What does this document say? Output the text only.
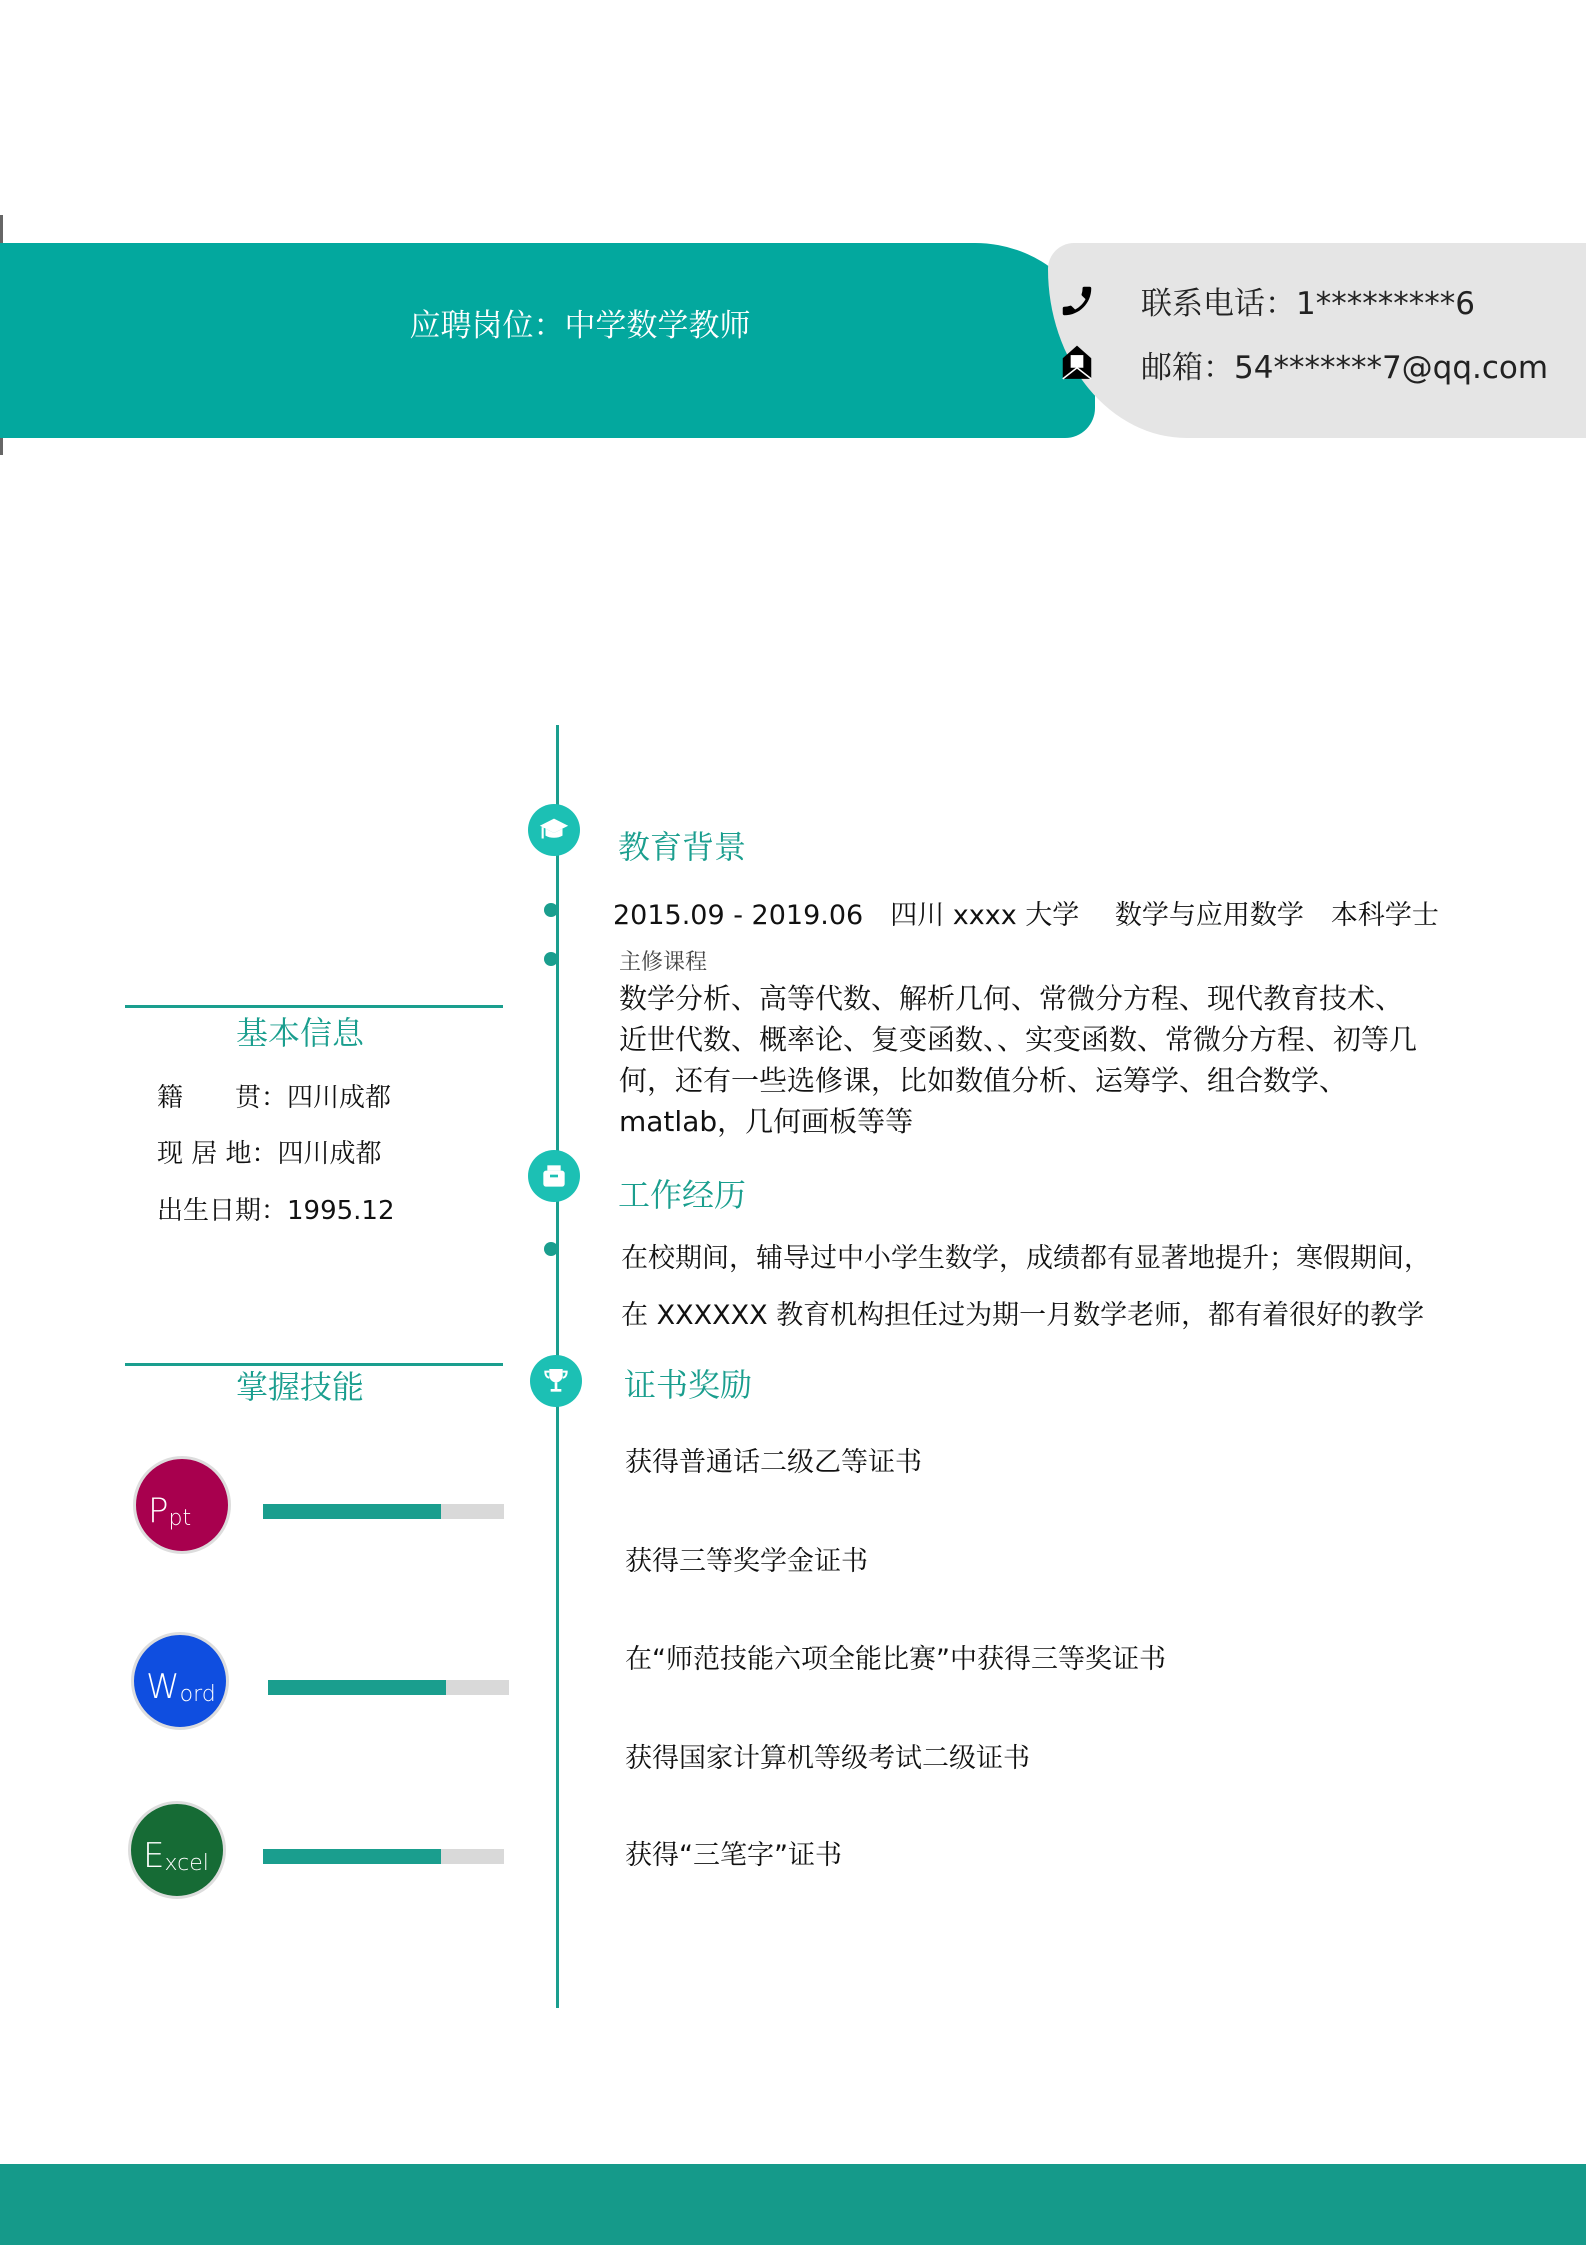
应聘岗位：中学数学教师
联系电话：1*********6
邮箱：54*******7@qq.com
教育背景
2015.09 - 2019.06　四川 xxxx 大学　 数学与应用数学　本科学士
主修课程
数学分析、高等代数、解析几何、常微分方程、现代教育技术、近世代数、概率论、复变函数、、实变函数、常微分方程、初等几何，还有一些选修课，比如数值分析、运筹学、组合数学、matlab，几何画板等等
工作经历
在校期间，辅导过中小学生数学，成绩都有显著地提升；寒假期间，
在 XXXXXX 教育机构担任过为期一月数学老师，都有着很好的教学
证书奖励
获得普通话二级乙等证书
获得三等奖学金证书
在“师范技能六项全能比赛”中获得三等奖证书
获得国家计算机等级考试二级证书
获得“三笔字”证书
基本信息
籍　　贯：四川成都
现 居 地：四川成都
出生日期：1995.12
掌握技能
P pt
W ord
E xcel
